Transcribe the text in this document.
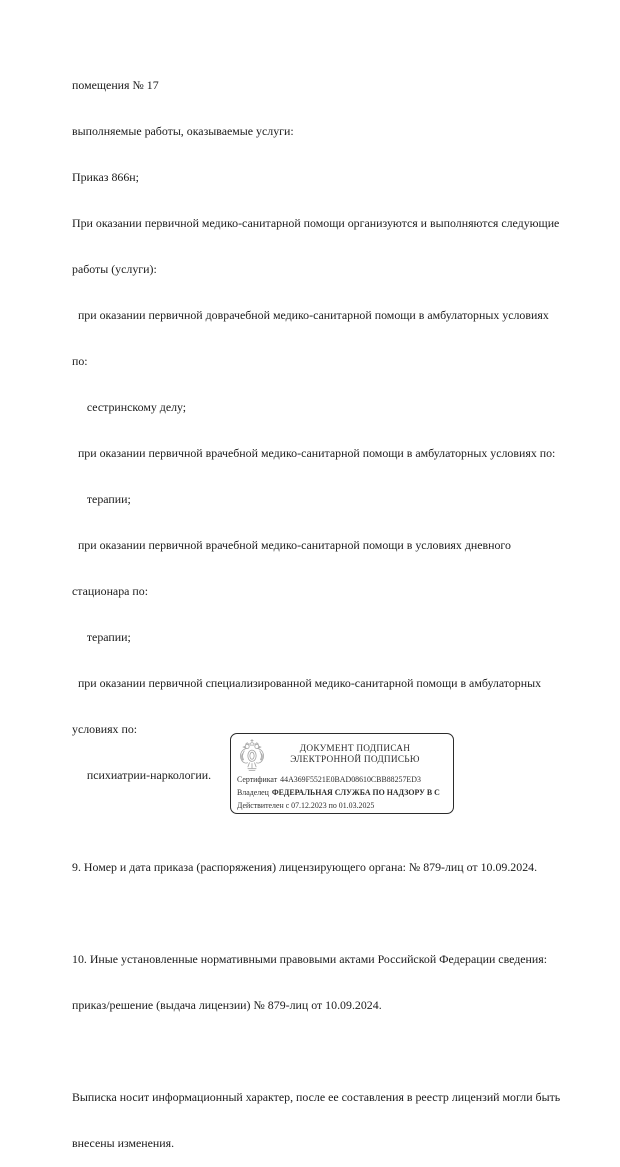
помещения № 17

выполняемые работы, оказываемые услуги:

Приказ 866н;

При оказании первичной медико-санитарной помощи организуются и выполняются следующие

работы (услуги):

при оказании первичной доврачебной медико-санитарной помощи в амбулаторных условиях

по:

сестринскому делу;

при оказании первичной врачебной медико-санитарной помощи в амбулаторных условиях по:

терапии;

при оказании первичной врачебной медико-санитарной помощи в условиях дневного

стационара по:

терапии;

при оказании первичной специализированной медико-санитарной помощи в амбулаторных

условиях по:

психиатрии-наркологии.

9. Номер и дата приказа (распоряжения) лицензирующего органа: № 879-лиц от 10.09.2024.

10. Иные установленные нормативными правовыми актами Российской Федерации сведения:

приказ/решение (выдача лицензии) № 879-лиц от 10.09.2024.

Выписка носит информационный характер, после ее составления в реестр лицензий могли быть

внесены изменения.

ДОКУМЕНТ ПОДПИСАН
ЭЛЕКТРОННОЙ ПОДПИСЬЮ
Сертификат 44A369F5521E0BAD08610CBB88257ED3
Владелец ФЕДЕРАЛЬНАЯ СЛУЖБА ПО НАДЗОРУ В С
Действителен с 07.12.2023 по 01.03.2025
